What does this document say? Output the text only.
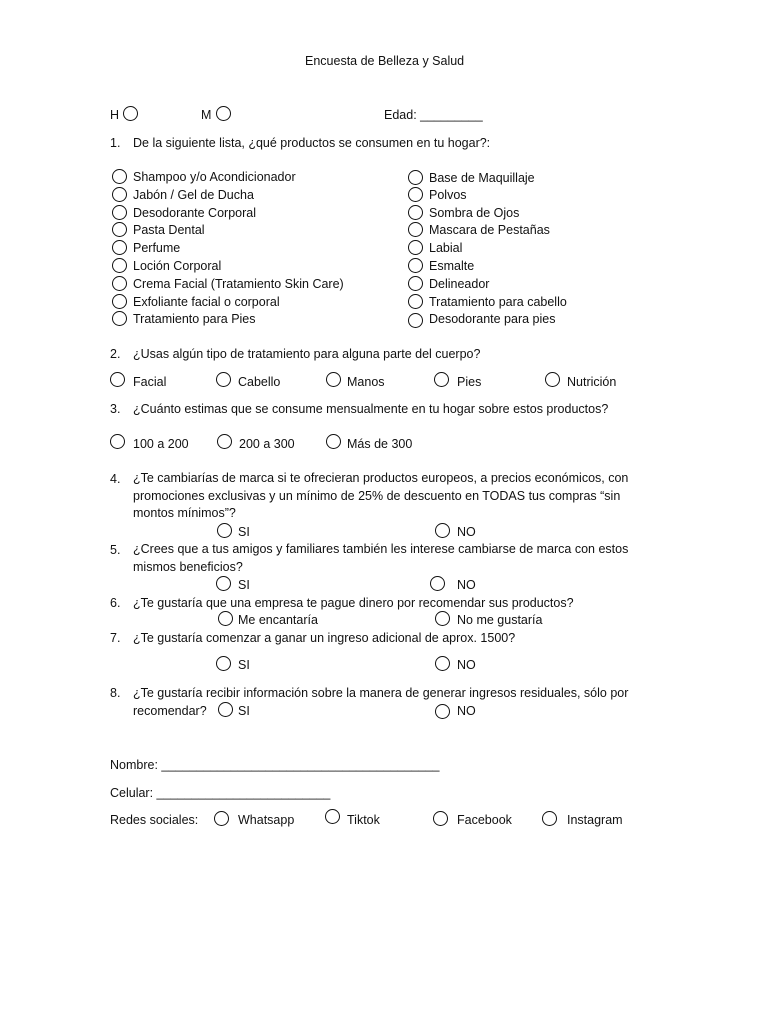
Encuesta de Belleza y Salud
H	M	Edad: _________
1. De la siguiente lista, ¿qué productos se consumen en tu hogar?:
Shampoo y/o Acondicionador
Jabón / Gel de Ducha
Desodorante Corporal
Pasta Dental
Perfume
Loción Corporal
Crema Facial (Tratamiento Skin Care)
Exfoliante facial o corporal
Tratamiento para Pies
Base de Maquillaje
Polvos
Sombra de Ojos
Mascara de Pestañas
Labial
Esmalte
Delineador
Tratamiento para cabello
Desodorante para pies
2. ¿Usas algún tipo de tratamiento para alguna parte del cuerpo?
Facial	Cabello	Manos	Pies	Nutrición
3. ¿Cuánto estimas que se consume mensualmente en tu hogar sobre estos productos?
100 a 200	200 a 300	Más de 300
4. ¿Te cambiarías de marca si te ofrecieran productos europeos, a precios económicos, con promociones exclusivas y un mínimo de 25% de descuento en TODAS tus compras “sin montos mínimos”?
SI	NO
5. ¿Crees que a tus amigos y familiares también les interese cambiarse de marca con estos mismos beneficios?
SI	NO
6. ¿Te gustaría que una empresa te pague dinero por recomendar sus productos?
Me encantaría	No me gustaría
7. ¿Te gustaría comenzar a ganar un ingreso adicional de aprox. 1500?
SI	NO
8. ¿Te gustaría recibir información sobre la manera de generar ingresos residuales, sólo por
recomendar?	SI	NO
Nombre: ________________________________________
Celular: _________________________
Redes sociales:	Whatsapp	Tiktok	Facebook	Instagram
